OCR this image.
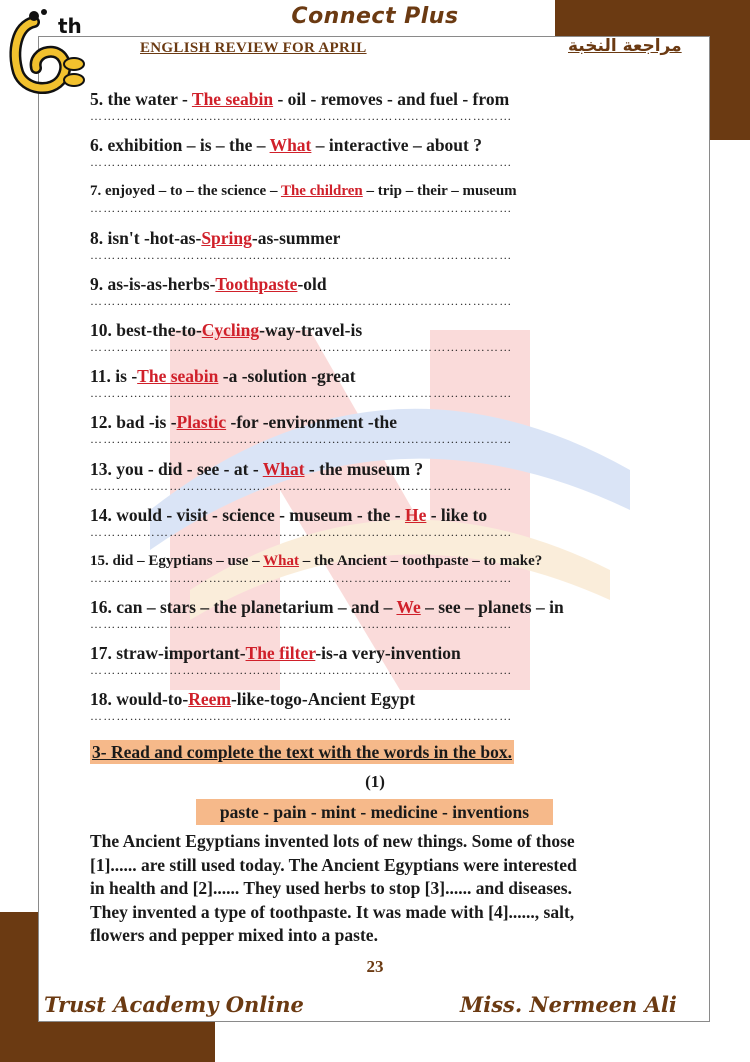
th	Connect Plus
ENGLISH REVIEW FOR APRIL	مراجعة النخبة
5. the water - The seabin - oil - removes - and fuel - from
……………………………………………………………………………………
6. exhibition – is – the – What – interactive – about ?
……………………………………………………………………………………
7. enjoyed – to – the science – The children – trip – their – museum
……………………………………………………………………………………
8. isn't -hot-as-Spring-as-summer
……………………………………………………………………………………
9. as-is-as-herbs-Toothpaste-old
……………………………………………………………………………………
10. best-the-to-Cycling-way-travel-is
……………………………………………………………………………………
11. is -The seabin -a -solution -great
……………………………………………………………………………………
12. bad -is -Plastic -for -environment -the
……………………………………………………………………………………
13. you - did - see - at - What - the museum ?
……………………………………………………………………………………
14. would - visit - science - museum - the - He - like to
……………………………………………………………………………………
15. did – Egyptians – use – What – the Ancient – toothpaste – to make?
……………………………………………………………………………………
16. can – stars – the planetarium – and – We – see – planets – in
……………………………………………………………………………………
17. straw-important-The filter-is-a very-invention
……………………………………………………………………………………
18. would-to-Reem-like-togo-Ancient Egypt
……………………………………………………………………………………
3- Read and complete the text with the words in the box.
(1)
paste - pain - mint - medicine - inventions
The Ancient Egyptians invented lots of new things. Some of those
[1]...... are still used today. The Ancient Egyptians were interested
in health and [2]...... They used herbs to stop [3]...... and diseases.
They invented a type of toothpaste. It was made with [4]......, salt,
flowers and pepper mixed into a paste.
23
Trust Academy Online	Miss. Nermeen Ali
